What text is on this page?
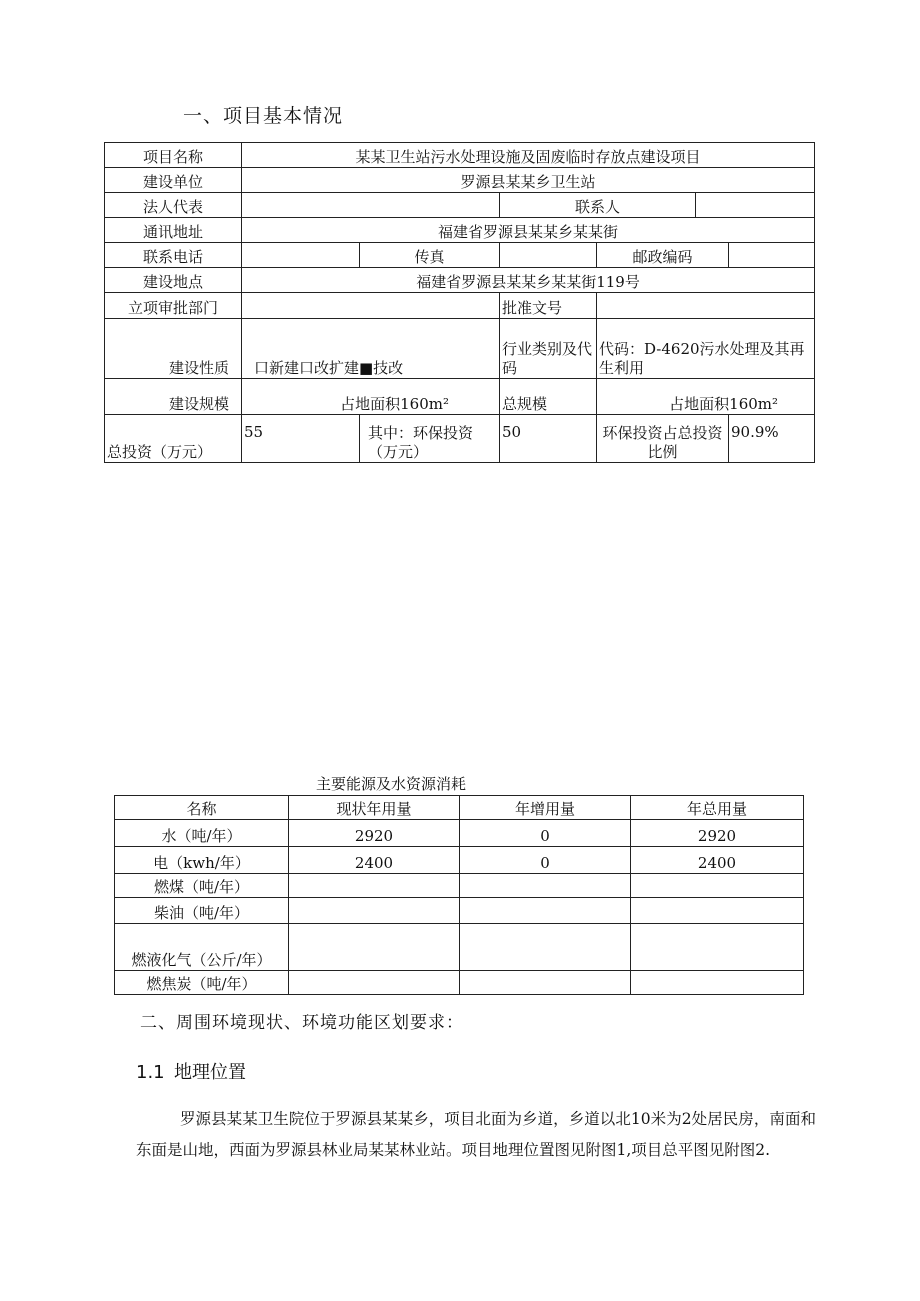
一、项目基本情况
项目名称	某某卫生站污水处理设施及固废临时存放点建设项目					
建设单位	罗源县某某乡卫生站					
法人代表			联系人			
通讯地址	福建省罗源县某某乡某某街					
联系电话		传真		邮政编码		
建设地点	福建省罗源县某某乡某某街119号					
立项审批部门			批准文号			
建设性质	口新建口改扩建■技改		行业类别及代码	代码：D-4620污水处理及其再生利用		
建设规模	占地面积160m²		总规模	占地面积160m²		
总投资（万元）	55	其中：环保投资（万元）	50	环保投资占总投资比例		90.9%
主要能源及水资源消耗
名称	现状年用量	年增用量	年总用量
水（吨/年）	2920	0	2920
电（kwh/年）	2400	0	2400
燃煤（吨/年）			
柴油（吨/年）			
燃液化气（公斤/年）			
燃焦炭（吨/年）			
二、周围环境现状、环境功能区划要求：
1.1 地理位置

罗源县某某卫生院位于罗源县某某乡，项目北面为乡道，乡道以北10米为2处居民房，南面和东面是山地，西面为罗源县林业局某某林业站。项目地理位置图见附图1,项目总平图见附图2.
